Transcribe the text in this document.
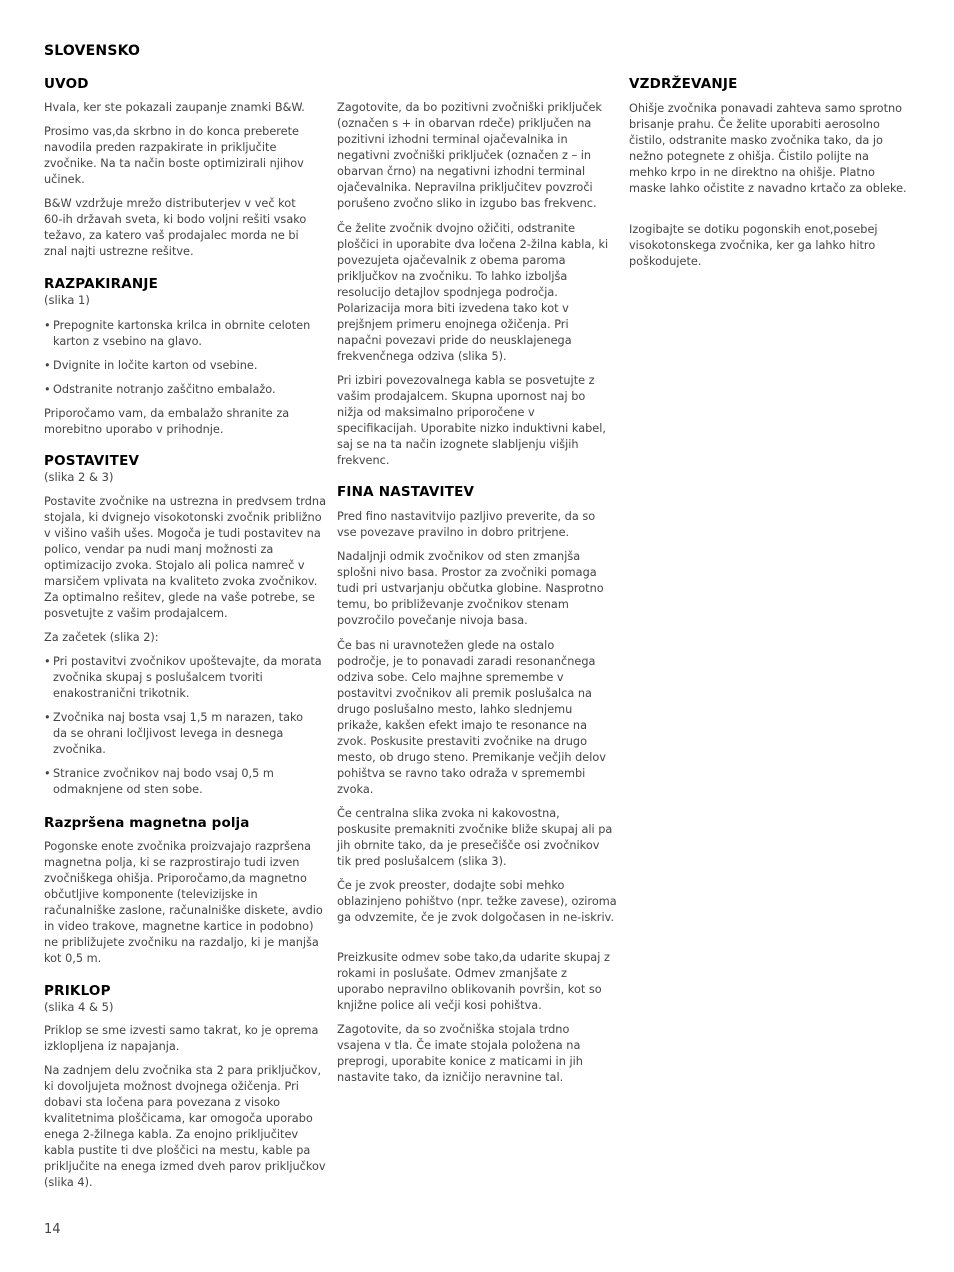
SLOVENSKO
UVOD
Hvala, ker ste pokazali zaupanje znamki B&W.
Prosimo vas,da skrbno in do konca preberete navodila preden razpakirate in priključite zvočnike. Na ta način boste optimizirali njihov učinek.
B&W vzdržuje mrežo distributerjev v več kot 60-ih državah sveta, ki bodo voljni rešiti vsako težavo, za katero vaš prodajalec morda ne bi znal najti ustrezne rešitve.
RAZPAKIRANJE
(slika 1)
• Prepognite kartonska krilca in obrnite celoten karton z vsebino na glavo.
• Dvignite in ločite karton od vsebine.
• Odstranite notranjo zaščitno embalažo.
Priporočamo vam, da embalažo shranite za morebitno uporabo v prihodnje.
POSTAVITEV
(slika 2 & 3)
Postavite zvočnike na ustrezna in predvsem trdna stojala, ki dvignejo visokotonski zvočnik približno v višino vaših ušes. Mogoča je tudi postavitev na polico, vendar pa nudi manj možnosti za optimizacijo zvoka. Stojalo ali polica namreč v marsičem vplivata na kvaliteto zvoka zvočnikov. Za optimalno rešitev, glede na vaše potrebe, se posvetujte z vašim prodajalcem.
Za začetek (slika 2):
• Pri postavitvi zvočnikov upoštevajte, da morata zvočnika skupaj s poslušalcem tvoriti enakostranični trikotnik.
• Zvočnika naj bosta vsaj 1,5 m narazen, tako da se ohrani ločljivost levega in desnega zvočnika.
• Stranice zvočnikov naj bodo vsaj 0,5 m odmaknjene od sten sobe.
Razpršena magnetna polja
Pogonske enote zvočnika proizvajajo razpršena magnetna polja, ki se razprostirajo tudi izven zvočniškega ohišja. Priporočamo,da magnetno občutljive komponente (televizijske in računalniške zaslone, računalniške diskete, avdio in video trakove, magnetne kartice in podobno) ne približujete zvočniku na razdaljo, ki je manjša kot 0,5 m.
PRIKLOP
(slika 4 & 5)
Priklop se sme izvesti samo takrat, ko je oprema izklopljena iz napajanja.
Na zadnjem delu zvočnika sta 2 para priključkov, ki dovoljujeta možnost dvojnega ožičenja. Pri dobavi sta ločena para povezana z visoko kvalitetnima ploščicama, kar omogoča uporabo enega 2-žilnega kabla. Za enojno priključitev kabla pustite ti dve ploščici na mestu, kable pa priključite na enega izmed dveh parov priključkov (slika 4).
Zagotovite, da bo pozitivni zvočniški priključek (označen s + in obarvan rdeče) priključen na pozitivni izhodni terminal ojačevalnika in negativni zvočniški priključek (označen z – in obarvan črno) na negativni izhodni terminal ojačevalnika. Nepravilna priključitev povzroči porušeno zvočno sliko in izgubo bas frekvenc.
Če želite zvočnik dvojno ožičiti, odstranite ploščici in uporabite dva ločena 2-žilna kabla, ki povezujeta ojačevalnik z obema paroma priključkov na zvočniku. To lahko izboljša resolucijo detajlov spodnjega področja. Polarizacija mora biti izvedena tako kot v prejšnjem primeru enojnega ožičenja. Pri napačni povezavi pride do neusklajenega frekvenčnega odziva (slika 5).
Pri izbiri povezovalnega kabla se posvetujte z vašim prodajalcem. Skupna upornost naj bo nižja od maksimalno priporočene v specifikacijah. Uporabite nizko induktivni kabel, saj se na ta način izognete slabljenju višjih frekvenc.
FINA NASTAVITEV
Pred fino nastavitvijo pazljivo preverite, da so vse povezave pravilno in dobro pritrjene.
Nadaljnji odmik zvočnikov od sten zmanjša splošni nivo basa. Prostor za zvočniki pomaga tudi pri ustvarjanju občutka globine. Nasprotno temu, bo približevanje zvočnikov stenam povzročilo povečanje nivoja basa.
Če bas ni uravnotežen glede na ostalo področje, je to ponavadi zaradi resonančnega odziva sobe. Celo majhne spremembe v postavitvi zvočnikov ali premik poslušalca na drugo poslušalno mesto, lahko slednjemu prikaže, kakšen efekt imajo te resonance na zvok. Poskusite prestaviti zvočnike na drugo mesto, ob drugo steno. Premikanje večjih delov pohištva se ravno tako odraža v spremembi zvoka.
Če centralna slika zvoka ni kakovostna, poskusite premakniti zvočnike bliže skupaj ali pa jih obrnite tako, da je presečišče osi zvočnikov tik pred poslušalcem (slika 3).
Če je zvok preoster, dodajte sobi mehko oblazinjeno pohištvo (npr. težke zavese), oziroma ga odvzemite, če je zvok dolgočasen in ne-iskriv.
Preizkusite odmev sobe tako,da udarite skupaj z rokami in poslušate. Odmev zmanjšate z uporabo nepravilno oblikovanih površin, kot so knjižne police ali večji kosi pohištva.
Zagotovite, da so zvočniška stojala trdno vsajena v tla. Če imate stojala položena na preprogi, uporabite konice z maticami in jih nastavite tako, da izničijo neravnine tal.
VZDRŽEVANJE
Ohišje zvočnika ponavadi zahteva samo sprotno brisanje prahu. Če želite uporabiti aerosolno čistilo, odstranite masko zvočnika tako, da jo nežno potegnete z ohišja. Čistilo polijte na mehko krpo in ne direktno na ohišje. Platno maske lahko očistite z navadno krtačo za obleke.
Izogibajte se dotiku pogonskih enot,posebej visokotonskega zvočnika, ker ga lahko hitro poškodujete.
14
